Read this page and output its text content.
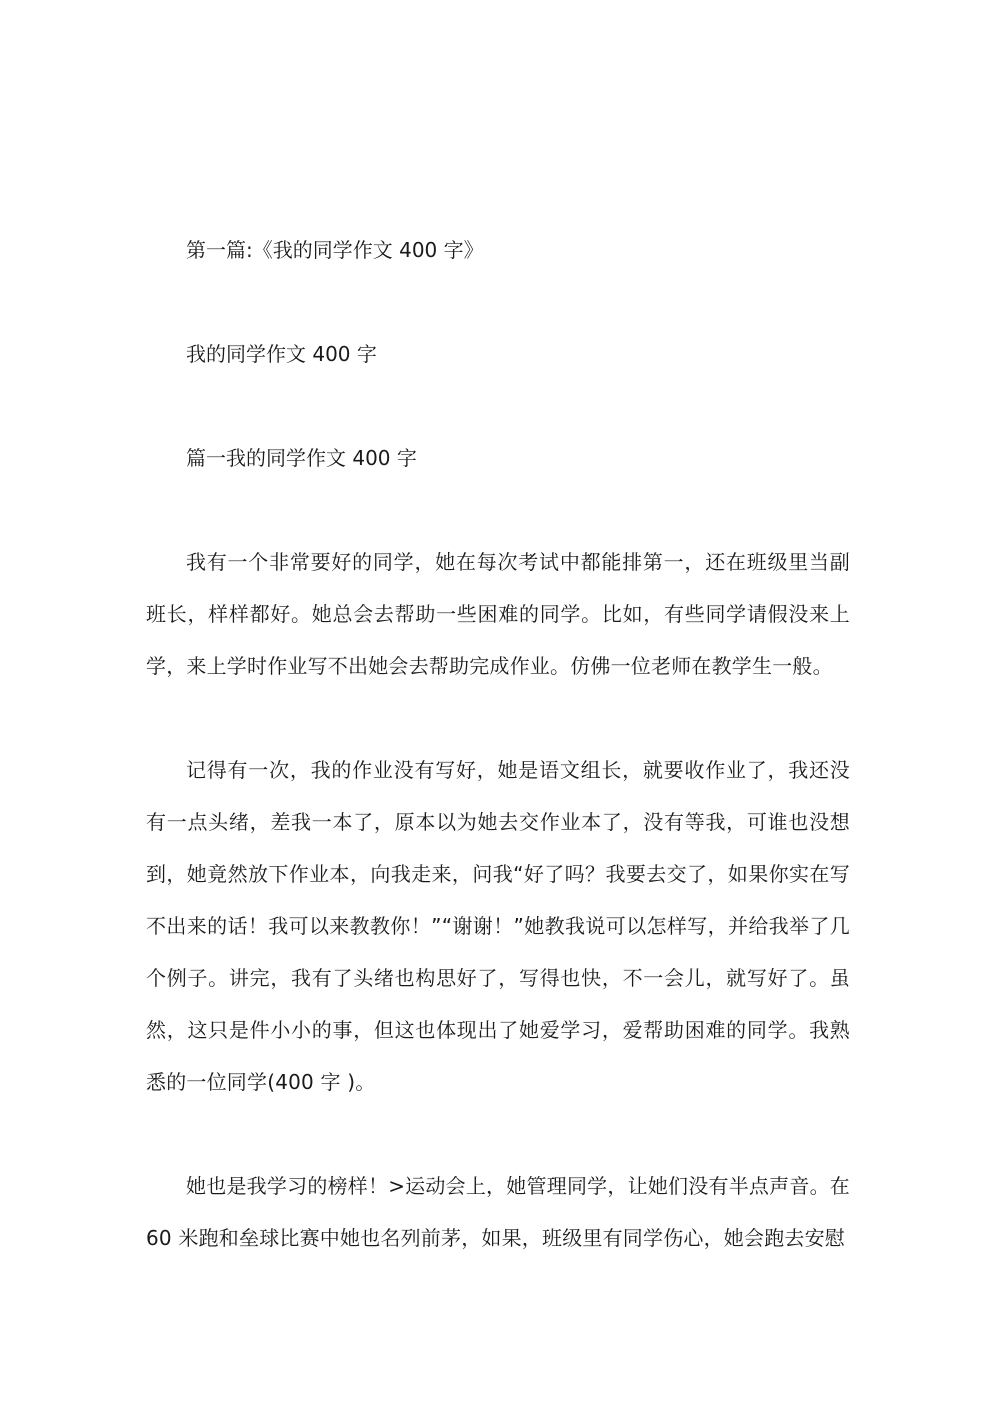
第一篇:《我的同学作文 400 字》
我的同学作文 400 字
篇一我的同学作文 400 字

我有一个非常要好的同学，她在每次考试中都能排第一，还在班级里当副班长，样样都好。她总会去帮助一些困难的同学。比如，有些同学请假没来上学，来上学时作业写不出她会去帮助完成作业。仿佛一位老师在教学生一般。

记得有一次，我的作业没有写好，她是语文组长，就要收作业了，我还没有一点头绪，差我一本了，原本以为她去交作业本了，没有等我，可谁也没想到，她竟然放下作业本，向我走来，问我“好了吗？我要去交了，如果你实在写不出来的话！我可以来教教你！”“谢谢！”她教我说可以怎样写，并给我举了几个例子。讲完，我有了头绪也构思好了，写得也快，不一会儿，就写好了。虽然，这只是件小小的事，但这也体现出了她爱学习，爱帮助困难的同学。我熟悉的一位同学(400 字 )。

她也是我学习的榜样！>运动会上，她管理同学，让她们没有半点声音。在 60 米跑和垒球比赛中她也名列前茅，如果，班级里有同学伤心，她会跑去安慰
